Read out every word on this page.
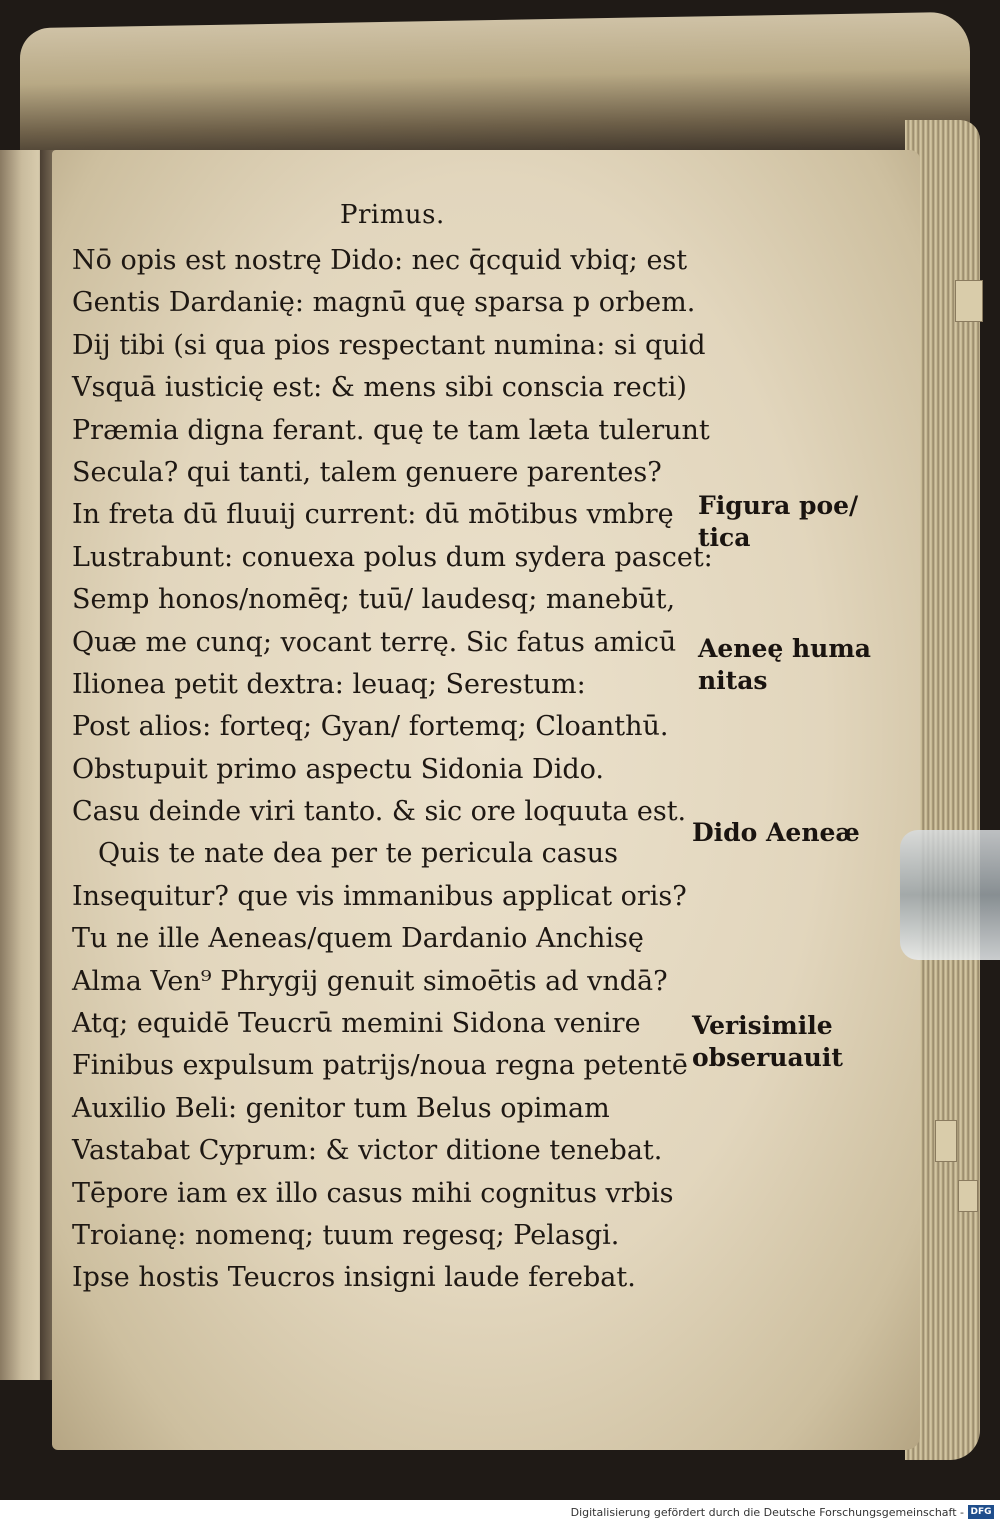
Primus.
Nō opis est nostrę Dido: nec q̄cquid vbiq; est
Gentis Dardanię: magnū quę sparsa p orbem.
Dij tibi (si qua pios respectant numina: si quid
Vsquā iusticię est: & mens sibi conscia recti)
Præmia digna ferant. quę te tam læta tulerunt
Secula? qui tanti, talem genuere parentes?
In freta dū fluuij current: dū mōtibus vmbrę
Lustrabunt: conuexa polus dum sydera pascet:
Semp honos/nomēq; tuū/ laudesq; manebūt,
Quæ me cunq; vocant terrę. Sic fatus amicū
Ilionea petit dextra: leuaq; Serestum:
Post alios: forteq; Gyan/ fortemq; Cloanthū.
Obstupuit primo aspectu Sidonia Dido.
Casu deinde viri tanto. & sic ore loquuta est.
Quis te nate dea per te pericula casus
Insequitur? que vis immanibus applicat oris?
Tu ne ille Aeneas/quem Dardanio Anchisę
Alma Ven⁹ Phrygij genuit simoētis ad vndā?
Atq; equidē Teucrū memini Sidona venire
Finibus expulsum patrijs/noua regna petentē
Auxilio Beli: genitor tum Belus opimam
Vastabat Cyprum: & victor ditione tenebat.
Tēpore iam ex illo casus mihi cognitus vrbis
Troianę: nomenq; tuum regesq; Pelasgi.
Ipse hostis Teucros insigni laude ferebat.
Figura poe/
tica
Aeneę huma
nitas
Dido Aeneæ
Verisimile
obseruauit
Digitalisierung gefördert durch die Deutsche Forschungsgemeinschaft - DFG
